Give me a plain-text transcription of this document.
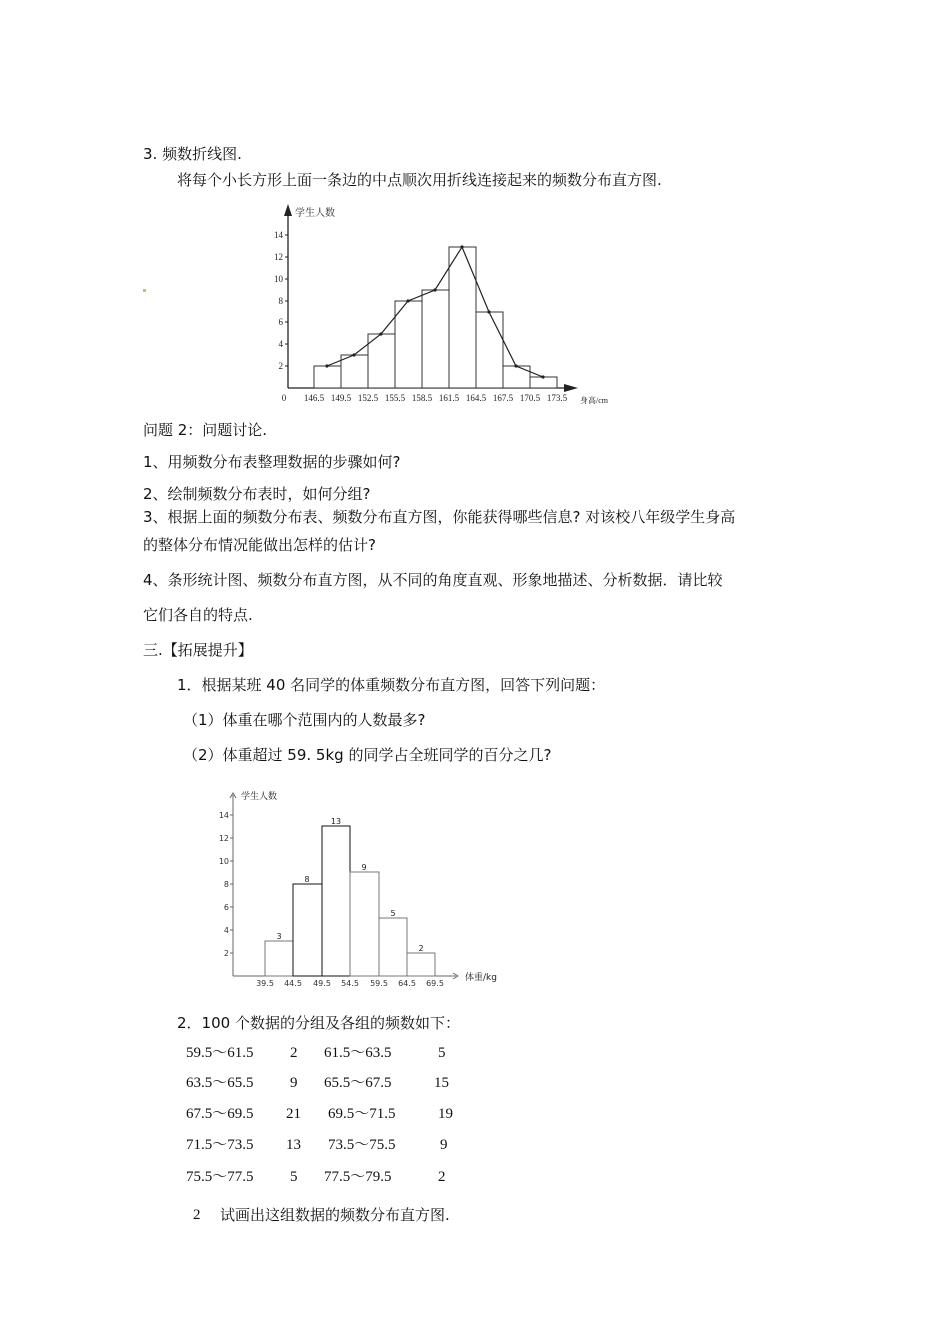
3. 频数折线图.
将每个小长方形上面一条边的中点顺次用折线连接起来的频数分布直方图.
学生人数
2
4
6
8
10
12
14
0 146.5 149.5 152.5 155.5 158.5 161.5 164.5 167.5 170.5 173.5 身高/cm
问题 2：问题讨论.
1、用频数分布表整理数据的步骤如何?
2、绘制频数分布表时，如何分组?
3、根据上面的频数分布表、频数分布直方图，你能获得哪些信息? 对该校八年级学生身高
的整体分布情况能做出怎样的估计?
4、条形统计图、频数分布直方图，从不同的角度直观、形象地描述、分析数据．请比较
它们各自的特点.
三.【拓展提升】
1．根据某班 40 名同学的体重频数分布直方图，回答下列问题：
（1）体重在哪个范围内的人数最多?
（2）体重超过 59. 5kg 的同学占全班同学的百分之几?
学生人数
2
4
6
8
10
12
14
3
8
13
9
5
2
39.5 44.5 49.5 54.5 59.5 64.5 69.5
体重/kg
2．100 个数据的分组及各组的频数如下：
59.5～61.5 2 61.5～63.5	5
63.5～65.5 9 65.5～67.5	15
67.5～69.5 21 69.5～71.5	19
71.5～73.5 13 73.5～75.5	9
75.5～77.5 5 77.5～79.5	2
2 试画出这组数据的频数分布直方图.
